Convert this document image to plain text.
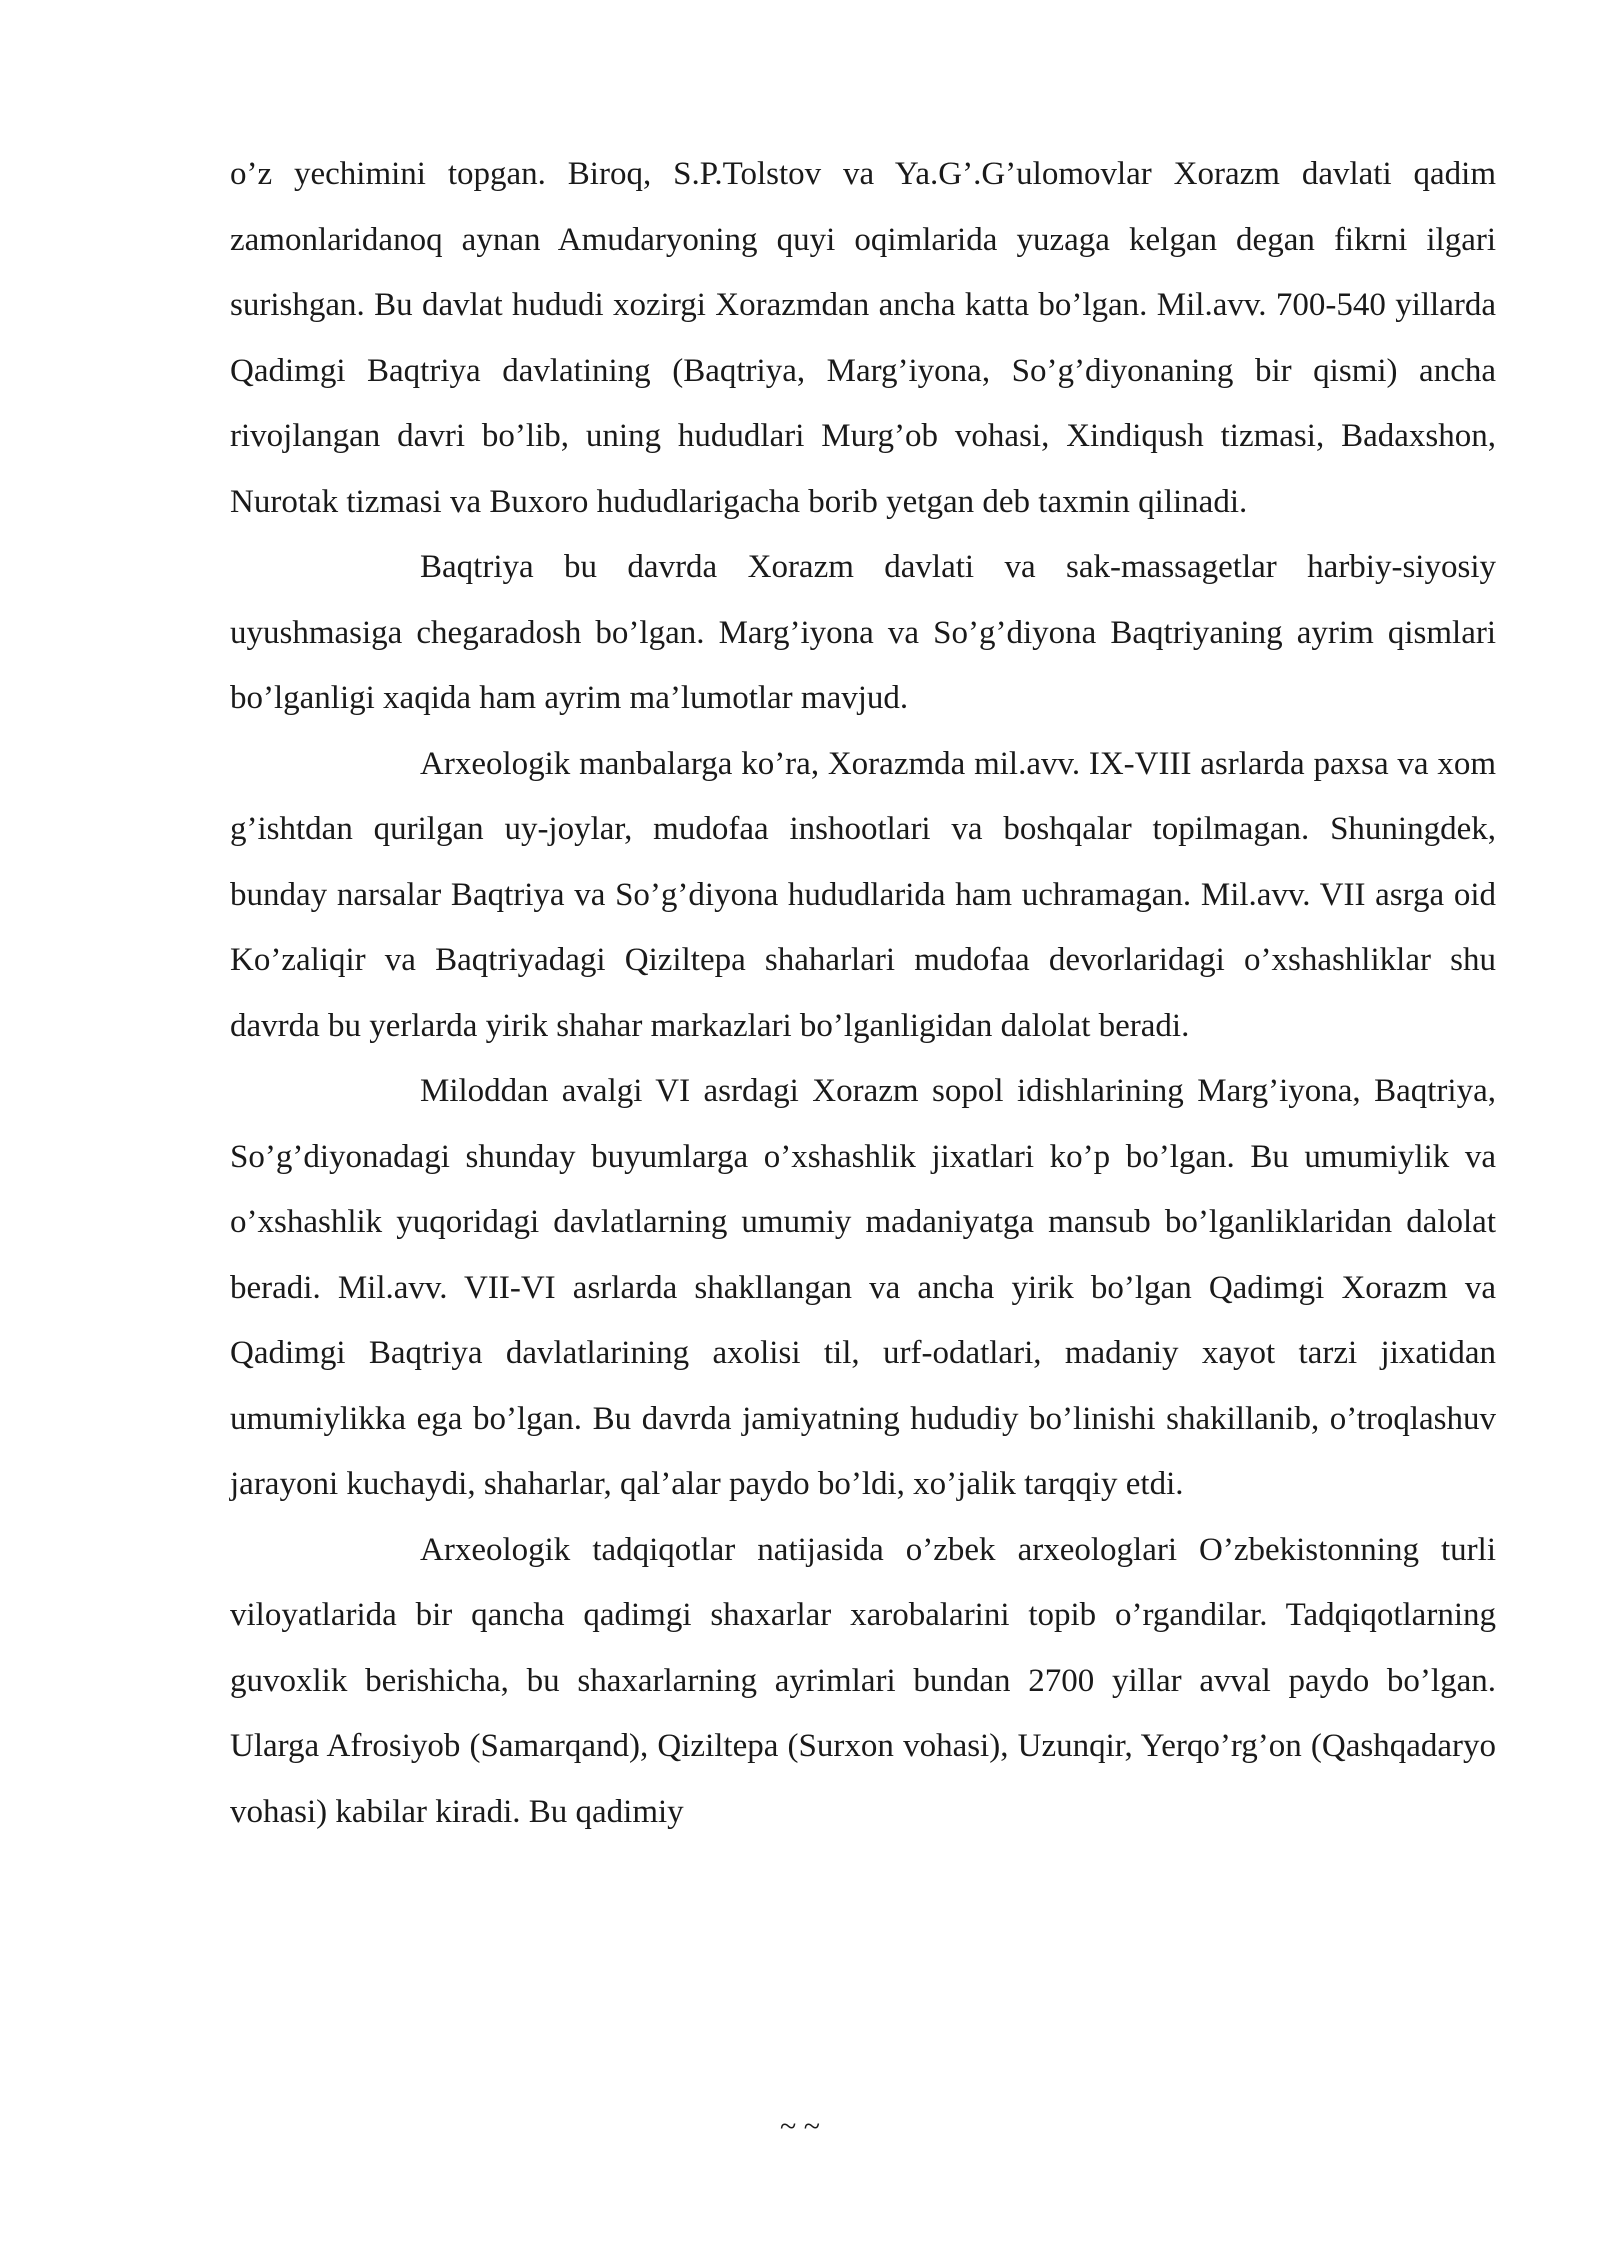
o’z yechimini topgan. Biroq, S.P.Tolstov va Ya.G’.G’ulomovlar Xorazm davlati qadim zamonlaridanoq aynan Amudaryoning quyi oqimlarida yuzaga kelgan degan fikrni ilgari surishgan. Bu davlat hududi xozirgi Xorazmdan ancha katta bo’lgan. Mil.avv. 700-540 yillarda Qadimgi Baqtriya davlatining (Baqtriya, Marg’iyona, So’g’diyonaning bir qismi) ancha rivojlangan davri bo’lib, uning hududlari Murg’ob vohasi, Xindiqush tizmasi, Badaxshon, Nurotak tizmasi va Buxoro hududlarigacha borib yetgan deb taxmin qilinadi.

Baqtriya bu davrda Xorazm davlati va sak-massagetlar harbiy-siyosiy uyushmasiga chegaradosh bo’lgan. Marg’iyona va So’g’diyona Baqtriyaning ayrim qismlari bo’lganligi xaqida ham ayrim ma’lumotlar mavjud.

Arxeologik manbalarga ko’ra, Xorazmda mil.avv. IX-VIII asrlarda paxsa va xom g’ishtdan qurilgan uy-joylar, mudofaa inshootlari va boshqalar topilmagan. Shuningdek, bunday narsalar Baqtriya va So’g’diyona hududlarida ham uchramagan. Mil.avv. VII asrga oid Ko’zaliqir va Baqtriyadagi Qiziltepa shaharlari mudofaa devorlaridagi o’xshashliklar shu davrda bu yerlarda yirik shahar markazlari bo’lganligidan dalolat beradi.

Miloddan avalgi VI asrdagi Xorazm sopol idishlarining Marg’iyona, Baqtriya, So’g’diyonadagi shunday buyumlarga o’xshashlik jixatlari ko’p bo’lgan. Bu umumiylik va o’xshashlik yuqoridagi davlatlarning umumiy madaniyatga mansub bo’lganliklaridan dalolat beradi. Mil.avv. VII-VI asrlarda shakllangan va ancha yirik bo’lgan Qadimgi Xorazm va Qadimgi Baqtriya davlatlarining axolisi til, urf-odatlari, madaniy xayot tarzi jixatidan umumiylikka ega bo’lgan. Bu davrda jamiyatning hududiy bo’linishi shakillanib, o’troqlashuv jarayoni kuchaydi, shaharlar, qal’alar paydo bo’ldi, xo’jalik tarqqiy etdi.

Arxeologik tadqiqotlar natijasida o’zbek arxeologlari O’zbekistonning turli viloyatlarida bir qancha qadimgi shaxarlar xarobalarini topib o’rgandilar. Tadqiqotlarning guvoxlik berishicha, bu shaxarlarning ayrimlari bundan 2700 yillar avval paydo bo’lgan. Ularga Afrosiyob (Samarqand), Qiziltepa (Surxon vohasi), Uzunqir, Yerqo’rg’on (Qashqadaryo vohasi) kabilar kiradi. Bu qadimiy

~ ~
